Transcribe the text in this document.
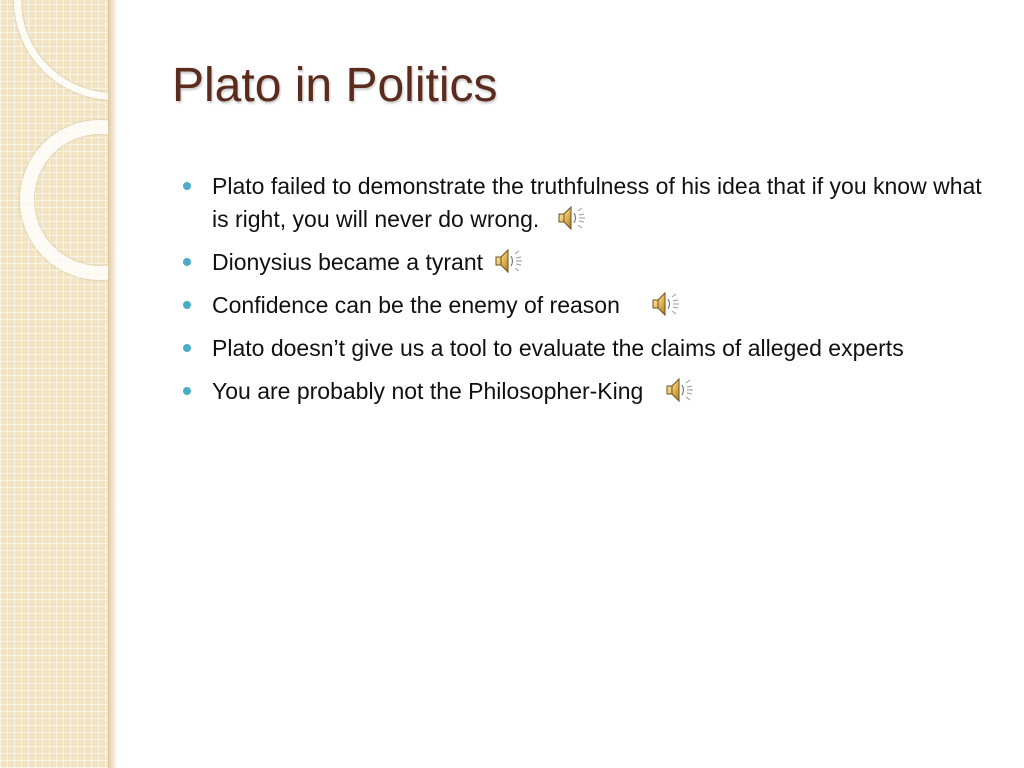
Plato in Politics
Plato failed to demonstrate the truthfulness of his idea that if you know what is right, you will never do wrong.
Dionysius became a tyrant
Confidence can be the enemy of reason
Plato doesn’t give us a tool to evaluate the claims of alleged experts
You are probably not the Philosopher-King
